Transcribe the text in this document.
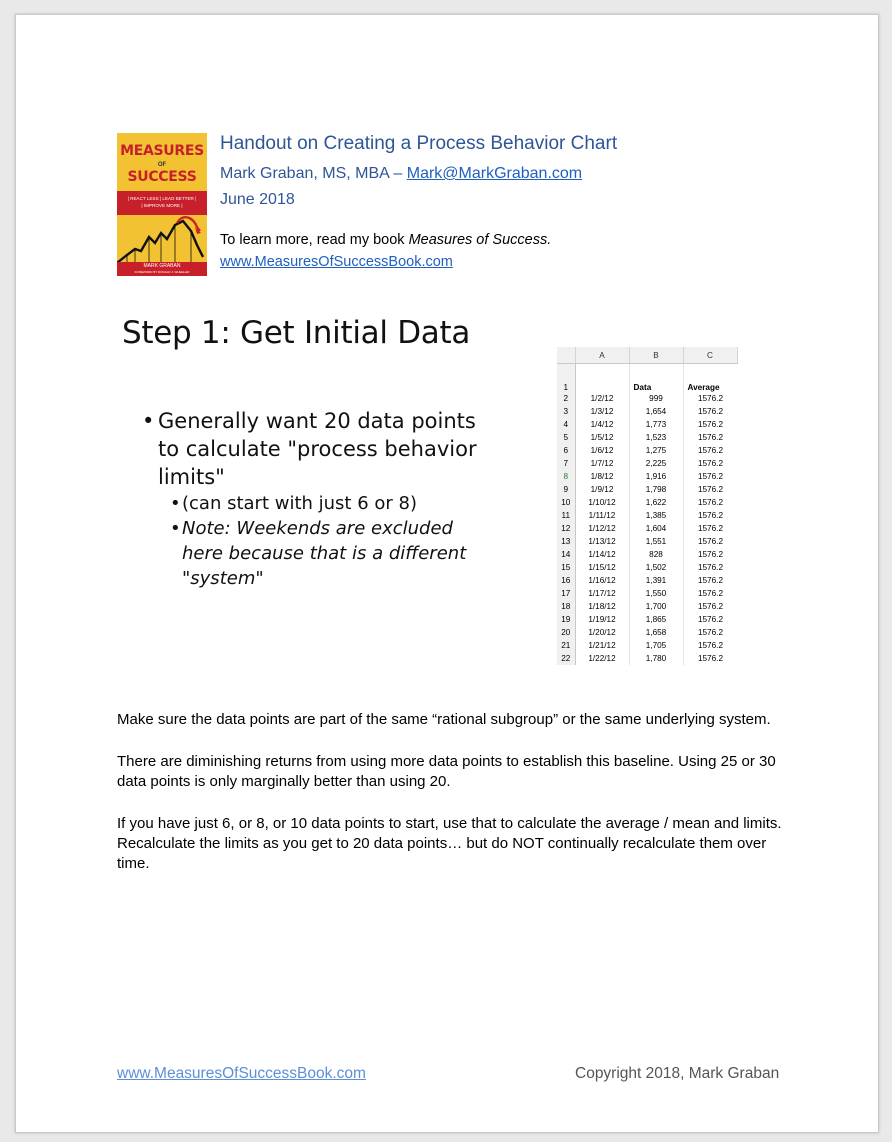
MEASURES
OF
SUCCESS
| REACT LESS | LEAD BETTER |
| IMPROVE MORE |
MARK GRABAN
FOREWORD BY DONALD J. WHEELER
Handout on Creating a Process Behavior Chart
Mark Graban, MS, MBA – Mark@MarkGraban.com
June 2018
To learn more, read my book Measures of Success.
www.MeasuresOfSuccessBook.com
Step 1: Get Initial Data
• Generally want 20 data points to calculate "process behavior limits"
• (can start with just 6 or 8)
• Note: Weekends are excluded here because that is a different "system"
	A	B	C
1		Data	Average
2	1/2/12	999	1576.2
3	1/3/12	1,654	1576.2
4	1/4/12	1,773	1576.2
5	1/5/12	1,523	1576.2
6	1/6/12	1,275	1576.2
7	1/7/12	2,225	1576.2
8	1/8/12	1,916	1576.2
9	1/9/12	1,798	1576.2
10	1/10/12	1,622	1576.2
11	1/11/12	1,385	1576.2
12	1/12/12	1,604	1576.2
13	1/13/12	1,551	1576.2
14	1/14/12	828	1576.2
15	1/15/12	1,502	1576.2
16	1/16/12	1,391	1576.2
17	1/17/12	1,550	1576.2
18	1/18/12	1,700	1576.2
19	1/19/12	1,865	1576.2
20	1/20/12	1,658	1576.2
21	1/21/12	1,705	1576.2
22	1/22/12	1,780	1576.2

Make sure the data points are part of the same “rational subgroup” or the same underlying system.

There are diminishing returns from using more data points to establish this baseline. Using 25 or 30 data points is only marginally better than using 20.

If you have just 6, or 8, or 10 data points to start, use that to calculate the average / mean and limits. Recalculate the limits as you get to 20 data points… but do NOT continually recalculate them over time.

www.MeasuresOfSuccessBook.com	Copyright 2018, Mark Graban
